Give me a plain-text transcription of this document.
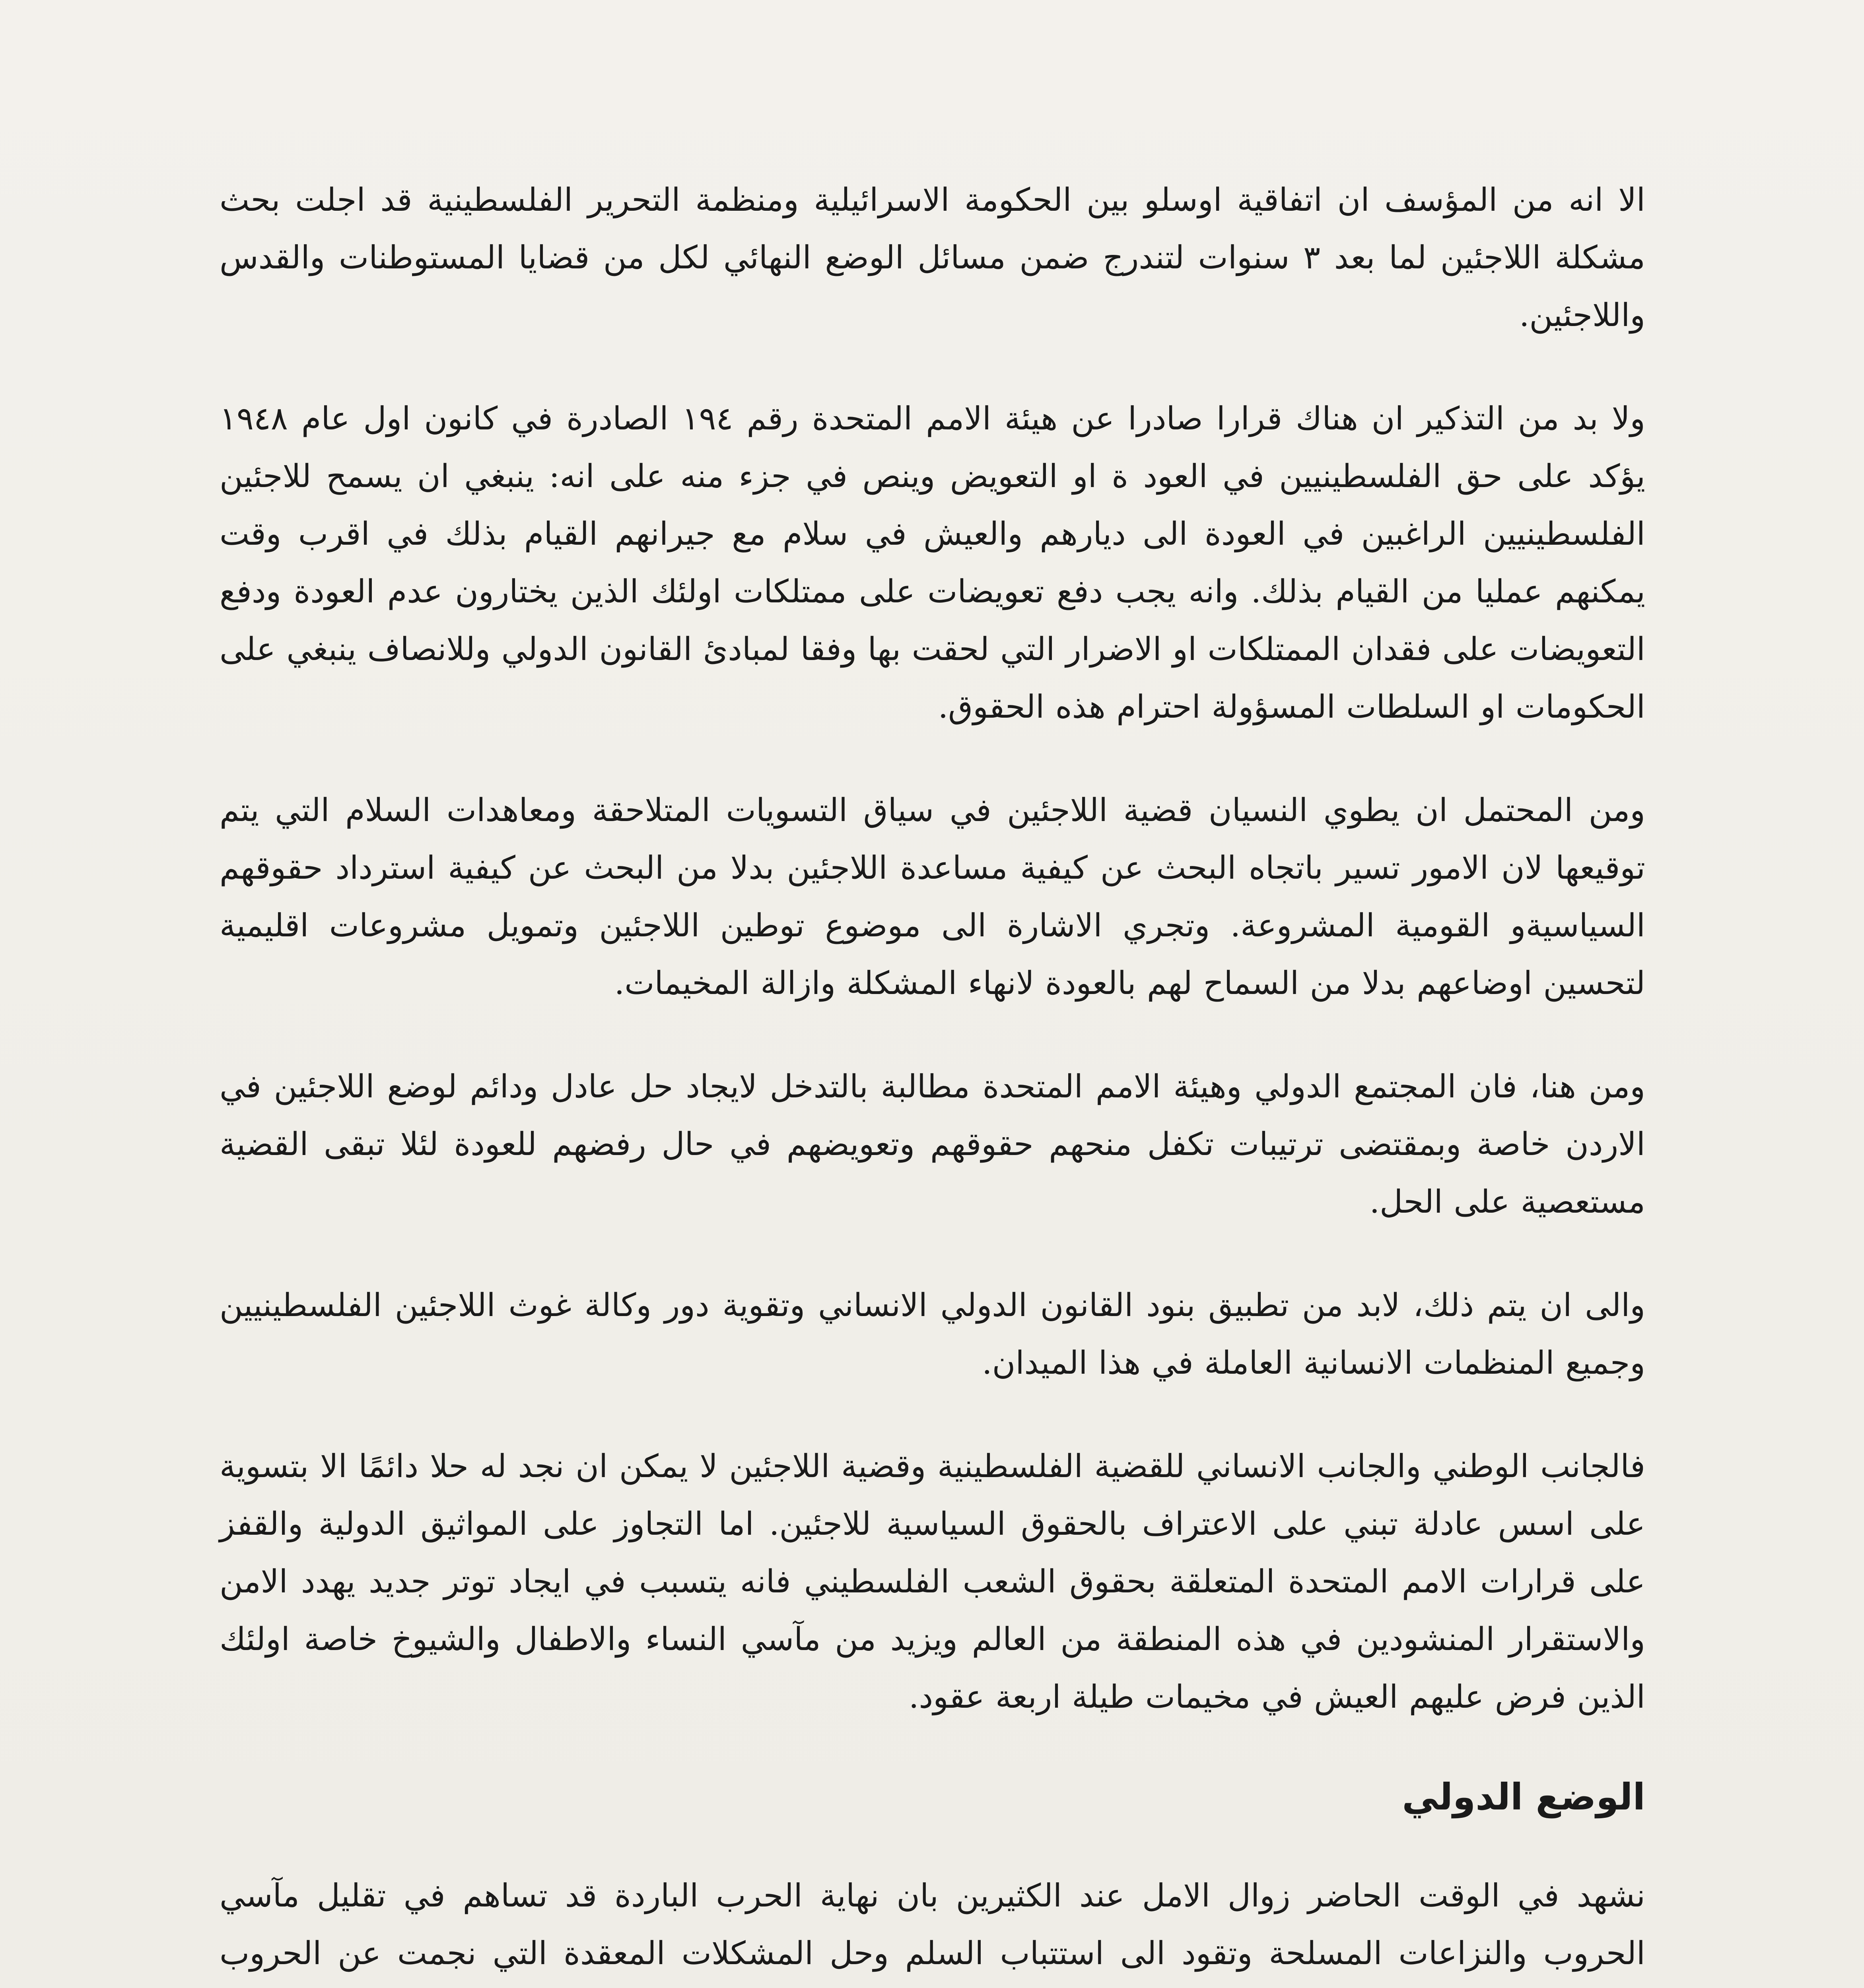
الا انه من المؤسف ان اتفاقية اوسلو بين الحكومة الاسرائيلية ومنظمة التحرير الفلسطينية قد اجلت بحث مشكلة اللاجئين لما بعد ٣ سنوات لتندرج ضمن مسائل الوضع النهائي لكل من قضايا المستوطنات والقدس واللاجئين.

ولا بد من التذكير ان هناك قرارا صادرا عن هيئة الامم المتحدة رقم ١٩٤ الصادرة في كانون اول عام ١٩٤٨ يؤكد على حق الفلسطينيين في العود ة او التعويض وينص في جزء منه على انه: ينبغي ان يسمح للاجئين الفلسطينيين الراغبين في العودة الى ديارهم والعيش في سلام مع جيرانهم القيام بذلك في اقرب وقت يمكنهم عمليا من القيام بذلك. وانه يجب دفع تعويضات على ممتلكات اولئك الذين يختارون عدم العودة ودفع التعويضات على فقدان الممتلكات او الاضرار التي لحقت بها وفقا لمبادئ القانون الدولي وللانصاف ينبغي على الحكومات او السلطات المسؤولة احترام هذه الحقوق.

ومن المحتمل ان يطوي النسيان قضية اللاجئين في سياق التسويات المتلاحقة ومعاهدات السلام التي يتم توقيعها لان الامور تسير باتجاه البحث عن كيفية مساعدة اللاجئين بدلا من البحث عن كيفية استرداد حقوقهم السياسيةو القومية المشروعة. وتجري الاشارة الى موضوع توطين اللاجئين وتمويل مشروعات اقليمية لتحسين اوضاعهم بدلا من السماح لهم بالعودة لانهاء المشكلة وازالة المخيمات.

ومن هنا، فان المجتمع الدولي وهيئة الامم المتحدة مطالبة بالتدخل لايجاد حل عادل ودائم لوضع اللاجئين في الاردن خاصة وبمقتضى ترتيبات تكفل منحهم حقوقهم وتعويضهم في حال رفضهم للعودة لئلا تبقى القضية مستعصية على الحل.

والى ان يتم ذلك، لابد من تطبيق بنود القانون الدولي الانساني وتقوية دور وكالة غوث اللاجئين الفلسطينيين وجميع المنظمات الانسانية العاملة في هذا الميدان.

فالجانب الوطني والجانب الانساني للقضية الفلسطينية وقضية اللاجئين لا يمكن ان نجد له حلا دائمًا الا بتسوية على اسس عادلة تبني على الاعتراف بالحقوق السياسية للاجئين. اما التجاوز على المواثيق الدولية والقفز على قرارات الامم المتحدة المتعلقة بحقوق الشعب الفلسطيني فانه يتسبب في ايجاد توتر جديد يهدد الامن والاستقرار المنشودين في هذه المنطقة من العالم ويزيد من مآسي النساء والاطفال والشيوخ خاصة اولئك الذين فرض عليهم العيش في مخيمات طيلة اربعة عقود.

الوضع الدولي

نشهد في الوقت الحاضر زوال الامل عند الكثيرين بان نهاية الحرب الباردة قد تساهم في تقليل مآسي الحروب والنزاعات المسلحة وتقود الى استتباب السلم وحل المشكلات المعقدة التي نجمت عن الحروب
